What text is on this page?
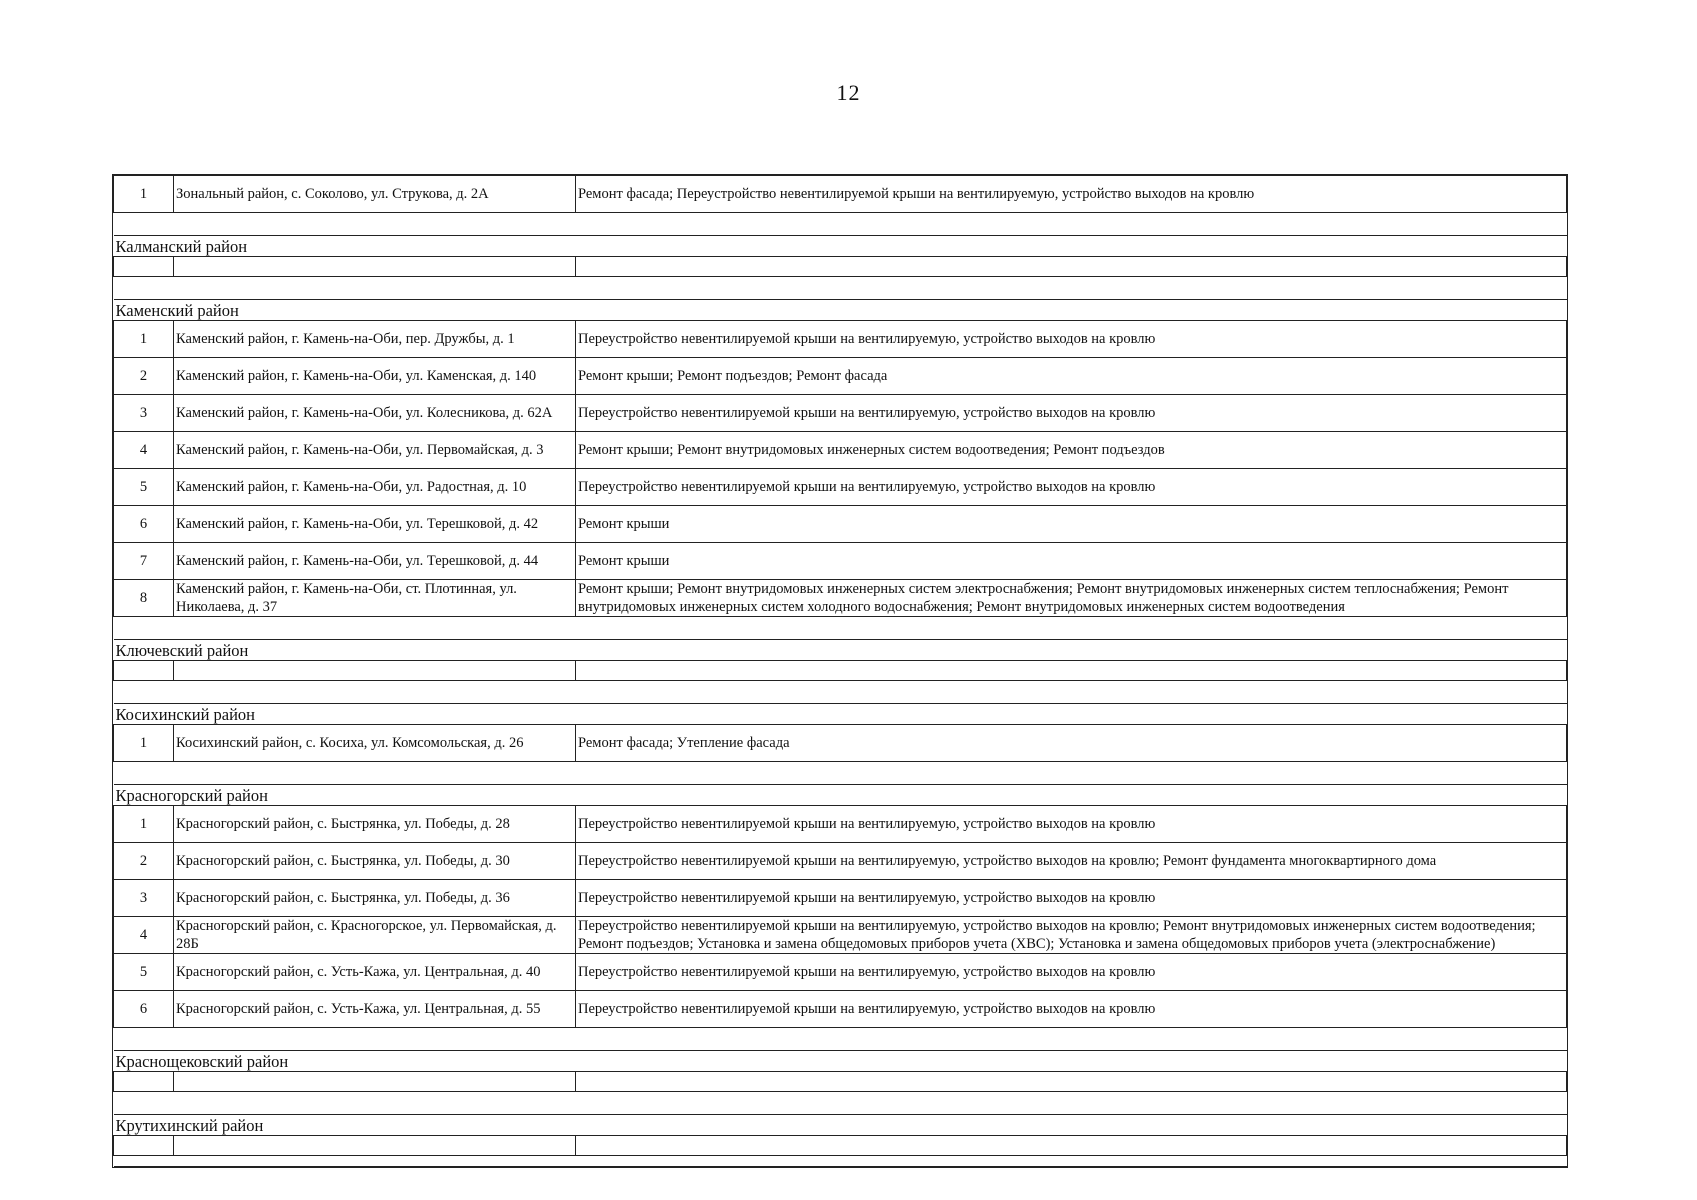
12
1	Зональный район, с. Соколово, ул. Струкова, д. 2А	Ремонт фасада; Переустройство невентилируемой крыши на вентилируемую, устройство выходов на кровлю

Калманский район		

Каменский район		
1	Каменский район, г. Камень-на-Оби, пер. Дружбы, д. 1	Переустройство невентилируемой крыши на вентилируемую, устройство выходов на кровлю
2	Каменский район, г. Камень-на-Оби, ул. Каменская, д. 140	Ремонт крыши; Ремонт подъездов; Ремонт фасада
3	Каменский район, г. Камень-на-Оби, ул. Колесникова, д. 62А	Переустройство невентилируемой крыши на вентилируемую, устройство выходов на кровлю
4	Каменский район, г. Камень-на-Оби, ул. Первомайская, д. 3	Ремонт крыши; Ремонт внутридомовых инженерных систем водоотведения; Ремонт подъездов
5	Каменский район, г. Камень-на-Оби, ул. Радостная, д. 10	Переустройство невентилируемой крыши на вентилируемую, устройство выходов на кровлю
6	Каменский район, г. Камень-на-Оби, ул. Терешковой, д. 42	Ремонт крыши
7	Каменский район, г. Камень-на-Оби, ул. Терешковой, д. 44	Ремонт крыши
8	Каменский район, г. Камень-на-Оби, ст. Плотинная, ул. Николаева, д. 37	Ремонт крыши; Ремонт внутридомовых инженерных систем электроснабжения; Ремонт внутридомовых инженерных систем теплоснабжения; Ремонт внутридомовых инженерных систем холодного водоснабжения; Ремонт внутридомовых инженерных систем водоотведения

Ключевский район		

Косихинский район		
1	Косихинский район, с. Косиха, ул. Комсомольская, д. 26	Ремонт фасада; Утепление фасада

Красногорский район		
1	Красногорский район, с. Быстрянка, ул. Победы, д. 28	Переустройство невентилируемой крыши на вентилируемую, устройство выходов на кровлю
2	Красногорский район, с. Быстрянка, ул. Победы, д. 30	Переустройство невентилируемой крыши на вентилируемую, устройство выходов на кровлю; Ремонт фундамента многоквартирного дома
3	Красногорский район, с. Быстрянка, ул. Победы, д. 36	Переустройство невентилируемой крыши на вентилируемую, устройство выходов на кровлю
4	Красногорский район, с. Красногорское, ул. Первомайская, д. 28Б	Переустройство невентилируемой крыши на вентилируемую, устройство выходов на кровлю; Ремонт внутридомовых инженерных систем водоотведения; Ремонт подъездов; Установка и замена общедомовых приборов учета (ХВС); Установка и замена общедомовых приборов учета (электроснабжение)
5	Красногорский район, с. Усть-Кажа, ул. Центральная, д. 40	Переустройство невентилируемой крыши на вентилируемую, устройство выходов на кровлю
6	Красногорский район, с. Усть-Кажа, ул. Центральная, д. 55	Переустройство невентилируемой крыши на вентилируемую, устройство выходов на кровлю

Краснощековский район		

Крутихинский район		
